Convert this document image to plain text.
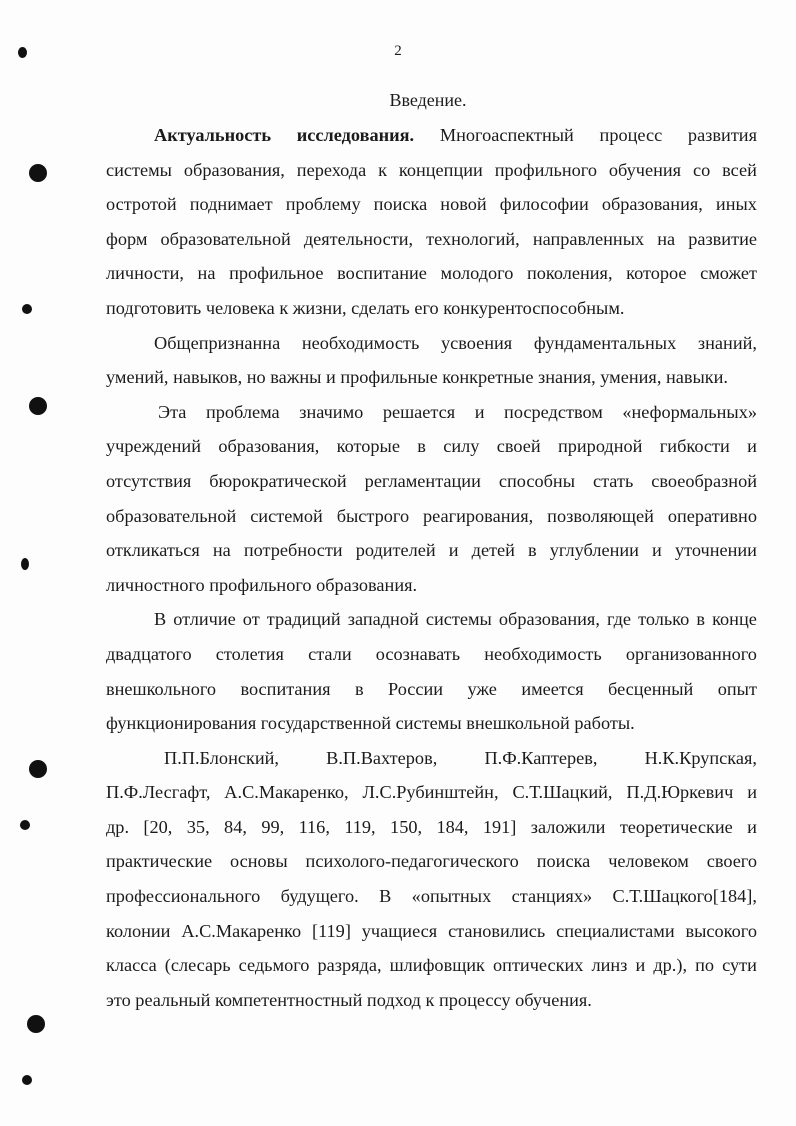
2
Введение.
Актуальность исследования. Многоаспектный процесс развития
системы образования, перехода к концепции профильного обучения со всей
остротой поднимает проблему поиска новой философии образования, иных
форм образовательной деятельности, технологий, направленных на развитие
личности, на профильное воспитание молодого поколения, которое сможет
подготовить человека к жизни, сделать его конкурентоспособным.
Общепризнанна необходимость усвоения фундаментальных знаний,
умений, навыков, но важны и профильные конкретные знания, умения, навыки.
Эта проблема значимо решается и посредством «неформальных»
учреждений образования, которые в силу своей природной гибкости и
отсутствия бюрократической регламентации способны стать своеобразной
образовательной системой быстрого реагирования, позволяющей оперативно
откликаться на потребности родителей и детей в углублении и уточнении
личностного профильного образования.
В отличие от традиций западной системы образования, где только в конце
двадцатого столетия стали осознавать необходимость организованного
внешкольного воспитания в России уже имеется бесценный опыт
функционирования государственной системы внешкольной работы.
П.П.Блонский,	В.П.Вахтеров,	П.Ф.Каптерев,	Н.К.Крупская,
П.Ф.Лесгафт, А.С.Макаренко, Л.С.Рубинштейн, С.Т.Шацкий, П.Д.Юркевич и
др. [20, 35, 84, 99, 116, 119, 150, 184, 191] заложили теоретические и
практические основы психолого-педагогического поиска человеком своего
профессионального будущего. В «опытных станциях» С.Т.Шацкого[184],
колонии А.С.Макаренко [119] учащиеся становились специалистами высокого
класса (слесарь седьмого разряда, шлифовщик оптических линз и др.), по сути
это реальный компетентностный подход к процессу обучения.
